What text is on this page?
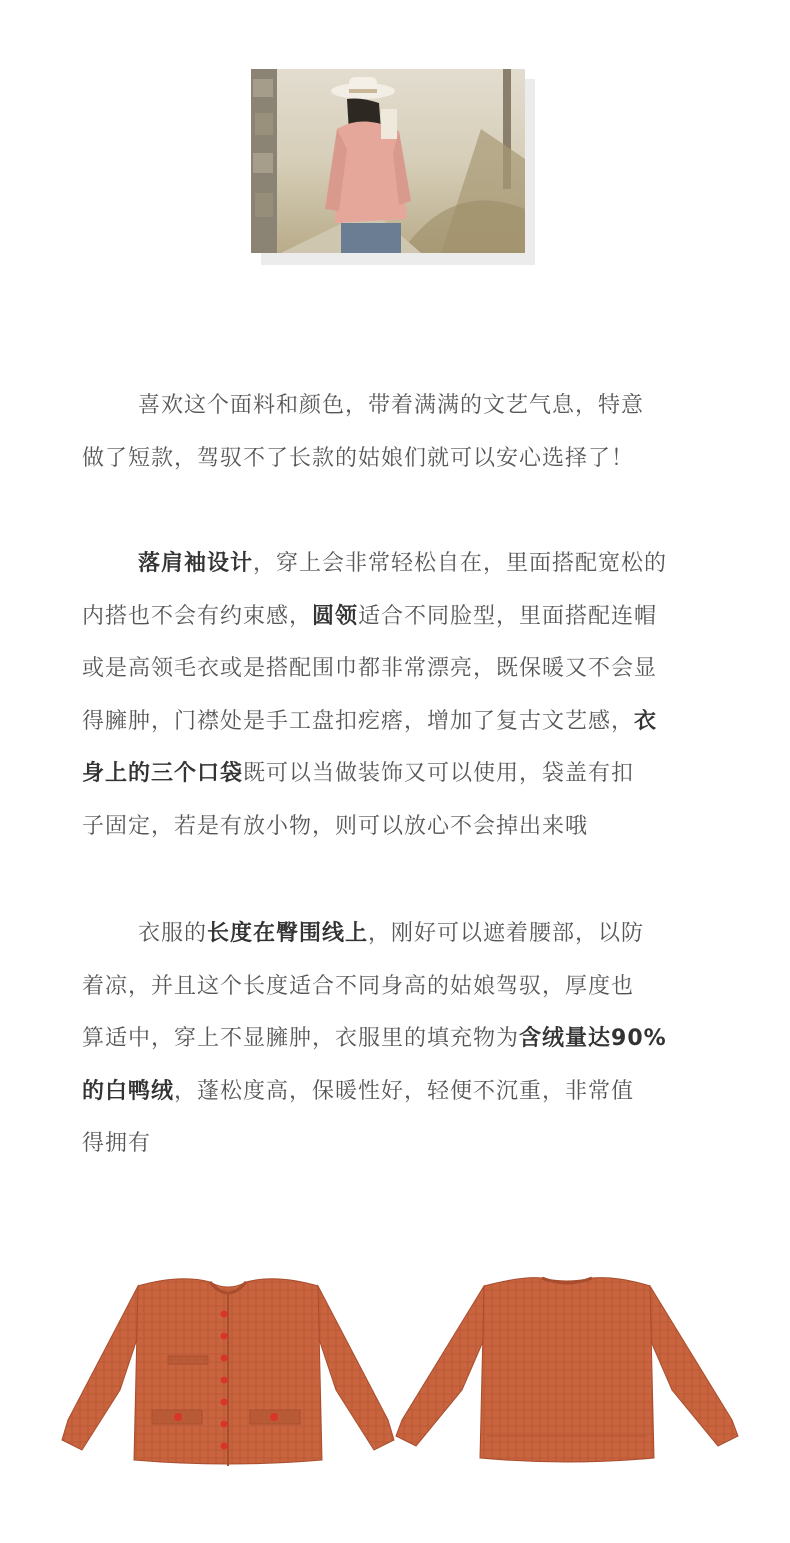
喜欢这个面料和颜色，带着满满的文艺气息，特意
做了短款，驾驭不了长款的姑娘们就可以安心选择了！
落肩袖设计，穿上会非常轻松自在，里面搭配宽松的
内搭也不会有约束感，圆领适合不同脸型，里面搭配连帽
或是高领毛衣或是搭配围巾都非常漂亮，既保暖又不会显
得臃肿，门襟处是手工盘扣疙瘩，增加了复古文艺感，衣
身上的三个口袋既可以当做装饰又可以使用，袋盖有扣
子固定，若是有放小物，则可以放心不会掉出来哦
衣服的长度在臀围线上，刚好可以遮着腰部，以防
着凉，并且这个长度适合不同身高的姑娘驾驭，厚度也
算适中，穿上不显臃肿，衣服里的填充物为含绒量达90%
的白鸭绒，蓬松度高，保暖性好，轻便不沉重，非常值
得拥有
